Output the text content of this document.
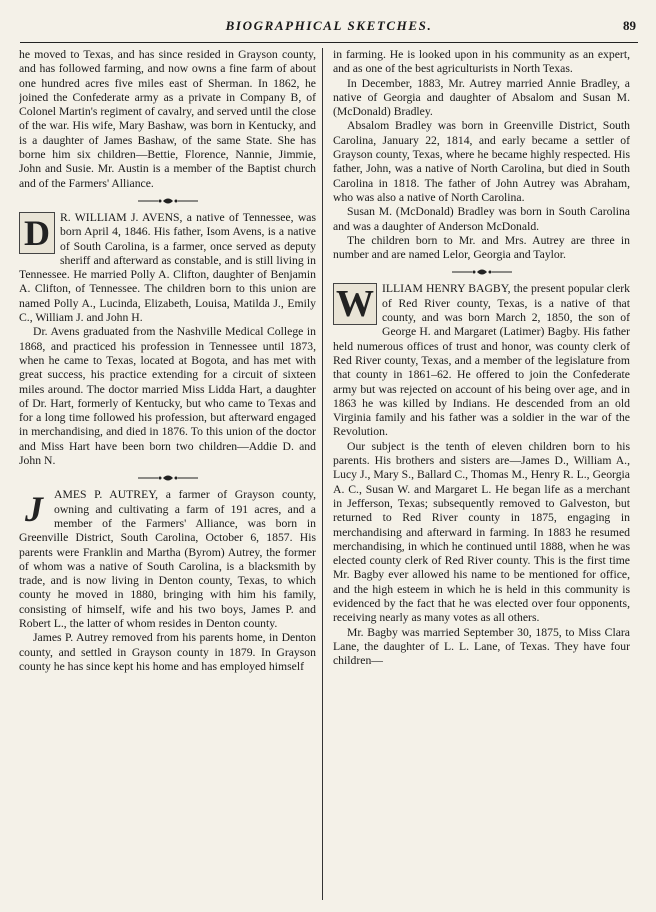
BIOGRAPHICAL SKETCHES.	89

he moved to Texas, and has since resided in Grayson county, and has followed farming, and now owns a fine farm of about one hundred acres five miles east of Sherman. In 1862, he joined the Confederate army as a private in Company B, of Colonel Martin's regiment of cavalry, and served until the close of the war. His wife, Mary Bashaw, was born in Kentucky, and is a daughter of James Bashaw, of the same State. She has borne him six children—Bettie, Florence, Nannie, Jimmie, John and Susie. Mr. Austin is a member of the Baptist church and of the Farmers' Alliance.

D R. WILLIAM J. AVENS, a native of Tennessee, was born April 4, 1846. His father, Isom Avens, is a native of South Carolina, is a farmer, once served as deputy sheriff and afterward as constable, and is still living in Tennessee. He married Polly A. Clifton, daughter of Benjamin A. Clifton, of Tennessee. The children born to this union are named Polly A., Lucinda, Elizabeth, Louisa, Matilda J., Emily C., William J. and John H.

Dr. Avens graduated from the Nashville Medical College in 1868, and practiced his profession in Tennessee until 1873, when he came to Texas, located at Bogota, and has met with great success, his practice extending for a circuit of sixteen miles around. The doctor married Miss Lidda Hart, a daughter of Dr. Hart, formerly of Kentucky, but who came to Texas and for a long time followed his profession, but afterward engaged in merchandising, and died in 1876. To this union of the doctor and Miss Hart have been born two children—Addie D. and John N.

J AMES P. AUTREY, a farmer of Grayson county, owning and cultivating a farm of 191 acres, and a member of the Farmers' Alliance, was born in Greenville District, South Carolina, October 6, 1857. His parents were Franklin and Martha (Byrom) Autrey, the former of whom was a native of South Carolina, is a blacksmith by trade, and is now living in Denton county, Texas, to which county he moved in 1880, bringing with him his family, consisting of himself, wife and his two boys, James P. and Robert L., the latter of whom resides in Denton county.

James P. Autrey removed from his parents home, in Denton county, and settled in Grayson county in 1879. In Grayson county he has since kept his home and has employed himself

in farming. He is looked upon in his community as an expert, and as one of the best agriculturists in North Texas.

In December, 1883, Mr. Autrey married Annie Bradley, a native of Georgia and daughter of Absalom and Susan M. (McDonald) Bradley.

Absalom Bradley was born in Greenville District, South Carolina, January 22, 1814, and early became a settler of Grayson county, Texas, where he became highly respected. His father, John, was a native of North Carolina, but died in South Carolina in 1818. The father of John Autrey was Abraham, who was also a native of North Carolina.

Susan M. (McDonald) Bradley was born in South Carolina and was a daughter of Anderson McDonald.

The children born to Mr. and Mrs. Autrey are three in number and are named Lelor, Georgia and Taylor.

W ILLIAM HENRY BAGBY, the present popular clerk of Red River county, Texas, is a native of that county, and was born March 2, 1850, the son of George H. and Margaret (Latimer) Bagby. His father held numerous offices of trust and honor, was county clerk of Red River county, Texas, and a member of the legislature from that county in 1861–62. He offered to join the Confederate army but was rejected on account of his being over age, and in 1863 he was killed by Indians. He descended from an old Virginia family and his father was a soldier in the war of the Revolution.

Our subject is the tenth of eleven children born to his parents. His brothers and sisters are—James D., William A., Lucy J., Mary S., Ballard C., Thomas M., Henry R. L., Georgia A. C., Susan W. and Margaret L. He began life as a merchant in Jefferson, Texas; subsequently removed to Galveston, but returned to Red River county in 1875, engaging in merchandising and afterward in farming. In 1883 he resumed merchandising, in which he continued until 1888, when he was elected county clerk of Red River county. This is the first time Mr. Bagby ever allowed his name to be mentioned for office, and the high esteem in which he is held in this community is evidenced by the fact that he was elected over four opponents, receiving nearly as many votes as all others.

Mr. Bagby was married September 30, 1875, to Miss Clara Lane, the daughter of L. L. Lane, of Texas. They have four children—
